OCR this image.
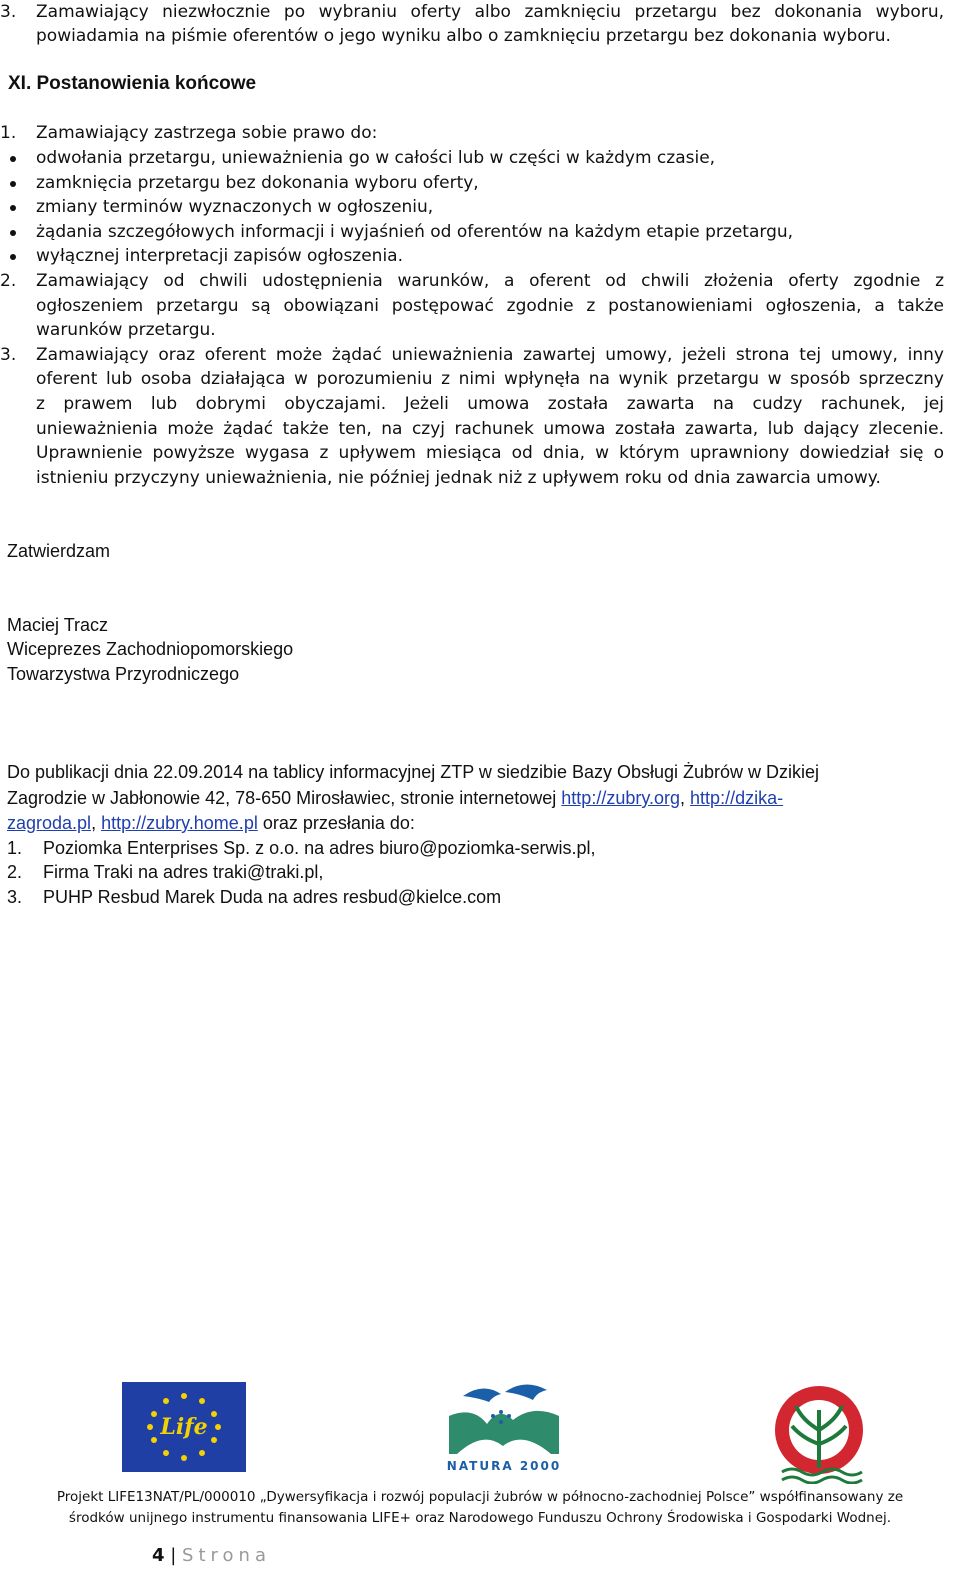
3. Zamawiający niezwłocznie po wybraniu oferty albo zamknięciu przetargu bez dokonania wyboru,
powiadamia na piśmie oferentów o jego wyniku albo o zamknięciu przetargu bez dokonania wyboru.
XI. Postanowienia końcowe
1. Zamawiający zastrzega sobie prawo do:
odwołania przetargu, unieważnienia go w całości lub w części w każdym czasie,
zamknięcia przetargu bez dokonania wyboru oferty,
zmiany terminów wyznaczonych w ogłoszeniu,
żądania szczegółowych informacji i wyjaśnień od oferentów na każdym etapie przetargu,
wyłącznej interpretacji zapisów ogłoszenia.
2. Zamawiający od chwili udostępnienia warunków, a oferent od chwili złożenia oferty zgodnie z
ogłoszeniem przetargu są obowiązani postępować zgodnie z postanowieniami ogłoszenia, a także
warunków przetargu.
3. Zamawiający oraz oferent może żądać unieważnienia zawartej umowy, jeżeli strona tej umowy, inny
oferent lub osoba działająca w porozumieniu z nimi wpłynęła na wynik przetargu w sposób sprzeczny
z prawem lub dobrymi obyczajami. Jeżeli umowa została zawarta na cudzy rachunek, jej
unieważnienia może żądać także ten, na czyj rachunek umowa została zawarta, lub dający zlecenie.
Uprawnienie powyższe wygasa z upływem miesiąca od dnia, w którym uprawniony dowiedział się o
istnieniu przyczyny unieważnienia, nie później jednak niż z upływem roku od dnia zawarcia umowy.
Zatwierdzam
Maciej Tracz
Wiceprezes Zachodniopomorskiego
Towarzystwa Przyrodniczego
Do publikacji dnia 22.09.2014 na tablicy informacyjnej ZTP w siedzibie Bazy Obsługi Żubrów w Dzikiej
Zagrodzie w Jabłonowie 42, 78-650 Mirosławiec, stronie internetowej http://zubry.org, http://dzika-
zagroda.pl, http://zubry.home.pl oraz przesłania do:
1. Poziomka Enterprises Sp. z o.o. na adres biuro@poziomka-serwis.pl,
2. Firma Traki na adres traki@traki.pl,
3. PUHP Resbud Marek Duda na adres resbud@kielce.com
Life
NATURA 2000
Projekt LIFE13NAT/PL/000010 „Dywersyfikacja i rozwój populacji żubrów w północno-zachodniej Polsce” współfinansowany ze
środków unijnego instrumentu finansowania LIFE+ oraz Narodowego Funduszu Ochrony Środowiska i Gospodarki Wodnej.
4 | Strona
